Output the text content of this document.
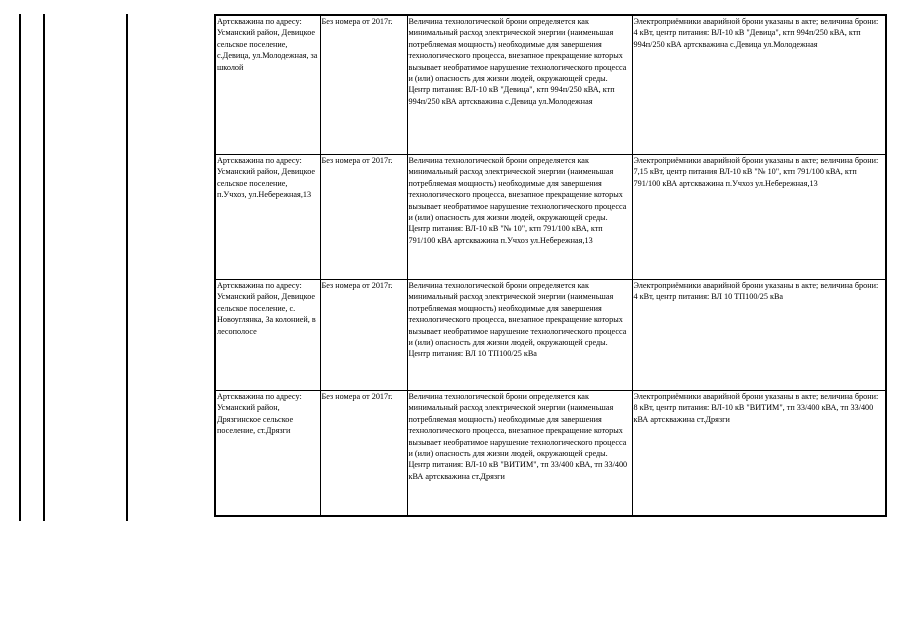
Артскважина по адресу: Усманский район, Девицкое сельское поселение, с.Девица, ул.Молодежная, за школой	Без номера от 2017г.	Величина технологической брони определяется как минимальный расход электрической энергии (наименьшая потребляемая мощность) необходимые для завершения технологического процесса, внезапное прекращение которых вызывает необратимое нарушение технологического процесса и (или) опасность для жизни людей, окружающей среды. Центр питания: ВЛ-10 кВ "Девица", ктп 994п/250 кВА, ктп 994п/250 кВА артскважина с.Девица ул.Молодежная	Электроприёмники аварийной брони указаны в акте; величина брони: 4 кВт, центр питания: ВЛ-10 кВ "Девица", ктп 994п/250 кВА, ктп 994п/250 кВА артскважина с.Девица ул.Молодежная
Артскважина по адресу: Усманский район, Девицкое сельское поселение, п.Учхоз, ул.Небережная,13	Без номера от 2017г.	Величина технологической брони определяется как минимальный расход электрической энергии (наименьшая потребляемая мощность) необходимые для завершения технологического процесса, внезапное прекращение которых вызывает необратимое нарушение технологического процесса и (или) опасность для жизни людей, окружающей среды. Центр питания: ВЛ-10 кВ "№ 10", ктп 791/100 кВА, ктп 791/100 кВА артскважина п.Учхоз ул.Небережная,13	Электроприёмники аварийной брони указаны в акте; величина брони: 7,15 кВт, центр питания ВЛ-10 кВ "№ 10", ктп 791/100 кВА, ктп 791/100 кВА артскважина п.Учхоз ул.Небережная,13
Артскважина по адресу: Усманский район, Девицкое сельское поселение, с. Новоуглянка, За колонией, в лесополосе	Без номера от 2017г.	Величина технологической брони определяется как минимальный расход электрической энергии (наименьшая потребляемая мощность) необходимые для завершения технологического процесса, внезапное прекращение которых вызывает необратимое нарушение технологического процесса и (или) опасность для жизни людей, окружающей среды. Центр питания: ВЛ 10 ТП100/25 кВа	Электроприёмники аварийной брони указаны в акте; величина брони: 4 кВт, центр питания: ВЛ 10 ТП100/25 кВа
Артскважина по адресу: Усманский район, Дрязгинское сельское поселение, ст.Дрязги	Без номера от 2017г.	Величина технологической брони определяется как минимальный расход электрической энергии (наименьшая потребляемая мощность) необходимые для завершения технологического процесса, внезапное прекращение которых вызывает необратимое нарушение технологического процесса и (или) опасность для жизни людей, окружающей среды. Центр питания: ВЛ-10 кВ "ВИТИМ", тп 33/400 кВА, тп 33/400 кВА артскважина ст.Дрязги	Электроприёмники аварийной брони указаны в акте; величина брони: 8 кВт, центр питания: ВЛ-10 кВ "ВИТИМ", тп 33/400 кВА, тп 33/400 кВА артскважина ст.Дрязги
